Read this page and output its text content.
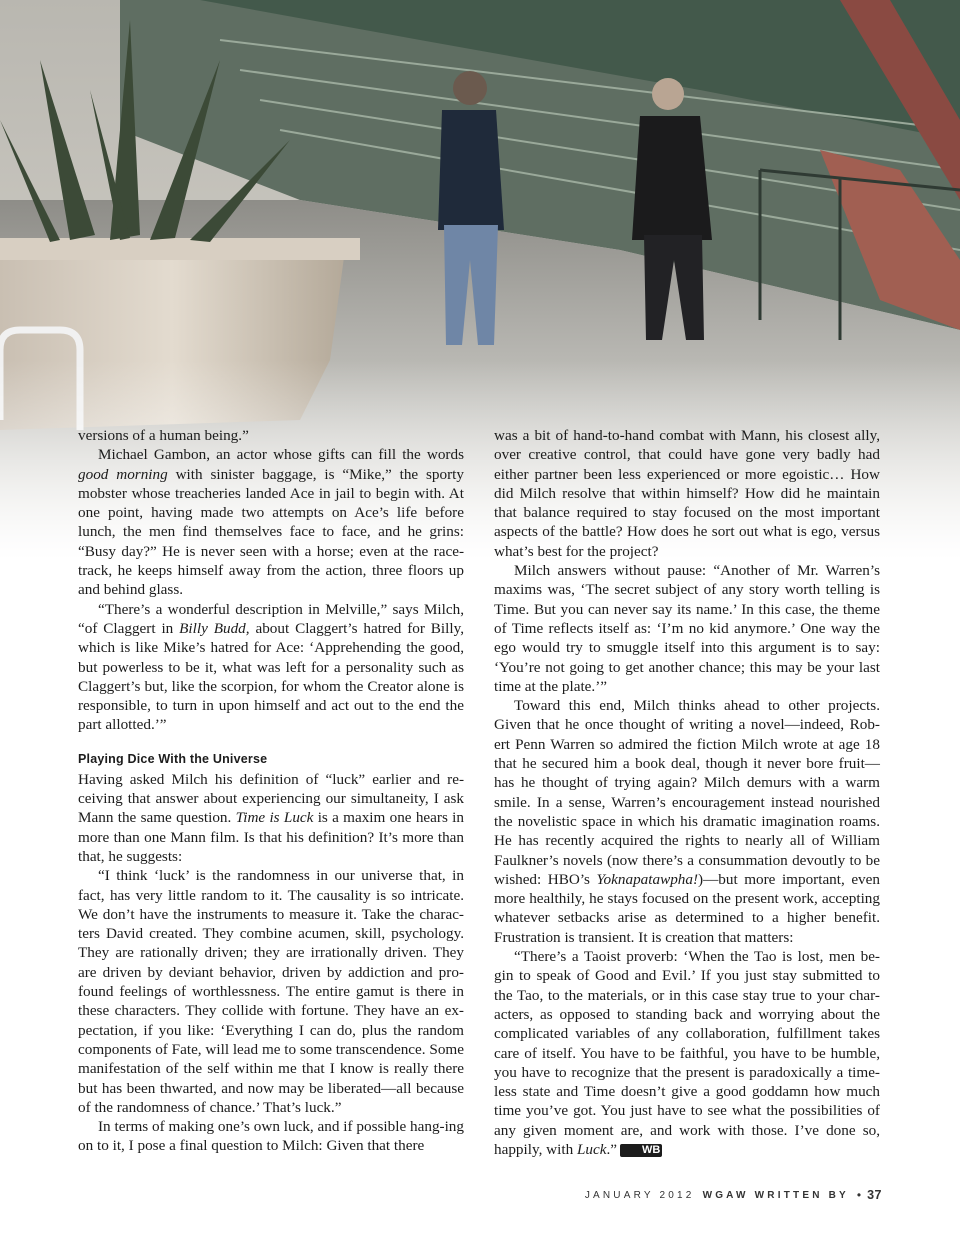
versions of a human being.”

Michael Gambon, an actor whose gifts can fill the words good morning with sinister baggage, is “Mike,” the sporty mobster whose treacheries landed Ace in jail to begin with. At one point, having made two attempts on Ace’s life before lunch, the men find themselves face to face, and he grins: “Busy day?” He is never seen with a horse; even at the race-track, he keeps himself away from the action, three floors up and behind glass.

“There’s a wonderful description in Melville,” says Milch, “of Claggert in Billy Budd, about Claggert’s hatred for Billy, which is like Mike’s hatred for Ace: ‘Apprehending the good, but powerless to be it, what was left for a personality such as Claggert’s but, like the scorpion, for whom the Creator alone is responsible, to turn in upon himself and act out to the end the part allotted.’”

Playing Dice With the Universe

Having asked Milch his definition of “luck” earlier and re-ceiving that answer about experiencing our simultaneity, I ask Mann the same question. Time is Luck is a maxim one hears in more than one Mann film. Is that his definition? It’s more than that, he suggests:

“I think ‘luck’ is the randomness in our universe that, in fact, has very little random to it. The causality is so intricate. We don’t have the instruments to measure it. Take the charac-ters David created. They combine acumen, skill, psychology. They are rationally driven; they are irrationally driven. They are driven by deviant behavior, driven by addiction and pro-found feelings of worthlessness. The entire gamut is there in these characters. They collide with fortune. They have an ex-pectation, if you like: ‘Everything I can do, plus the random components of Fate, will lead me to some transcendence. Some manifestation of the self within me that I know is really there but has been thwarted, and now may be liberated—all because of the randomness of chance.’ That’s luck.”

In terms of making one’s own luck, and if possible hang-ing on to it, I pose a final question to Milch: Given that there

was a bit of hand-to-hand combat with Mann, his closest ally, over creative control, that could have gone very badly had either partner been less experienced or more egoistic… How did Milch resolve that within himself? How did he maintain that balance required to stay focused on the most important aspects of the battle? How does he sort out what is ego, versus what’s best for the project?

Milch answers without pause: “Another of Mr. Warren’s maxims was, ‘The secret subject of any story worth telling is Time. But you can never say its name.’ In this case, the theme of Time reflects itself as: ‘I’m no kid anymore.’ One way the ego would try to smuggle itself into this argument is to say: ‘You’re not going to get another chance; this may be your last time at the plate.’”

Toward this end, Milch thinks ahead to other projects. Given that he once thought of writing a novel—indeed, Rob-ert Penn Warren so admired the fiction Milch wrote at age 18 that he secured him a book deal, though it never bore fruit—has he thought of trying again? Milch demurs with a warm smile. In a sense, Warren’s encouragement instead nourished the novelistic space in which his dramatic imagination roams. He has recently acquired the rights to nearly all of William Faulkner’s novels (now there’s a consummation devoutly to be wished: HBO’s Yoknapatawpha!)—but more important, even more healthily, he stays focused on the present work, accepting whatever setbacks arise as determined to a higher benefit. Frustration is transient. It is creation that matters:

“There’s a Taoist proverb: ‘When the Tao is lost, men be-gin to speak of Good and Evil.’ If you just stay submitted to the Tao, to the materials, or in this case stay true to your char-acters, as opposed to standing back and worrying about the complicated variables of any collaboration, fulfillment takes care of itself. You have to be faithful, you have to be humble, you have to recognize that the present is paradoxically a time-less state and Time doesn’t give a good goddamn how much time you’ve got. You just have to see what the possibilities of any given moment are, and work with those. I’ve done so, happily, with Luck.” WB

JANUARY 2012 WGAW WRITTEN BY • 37
